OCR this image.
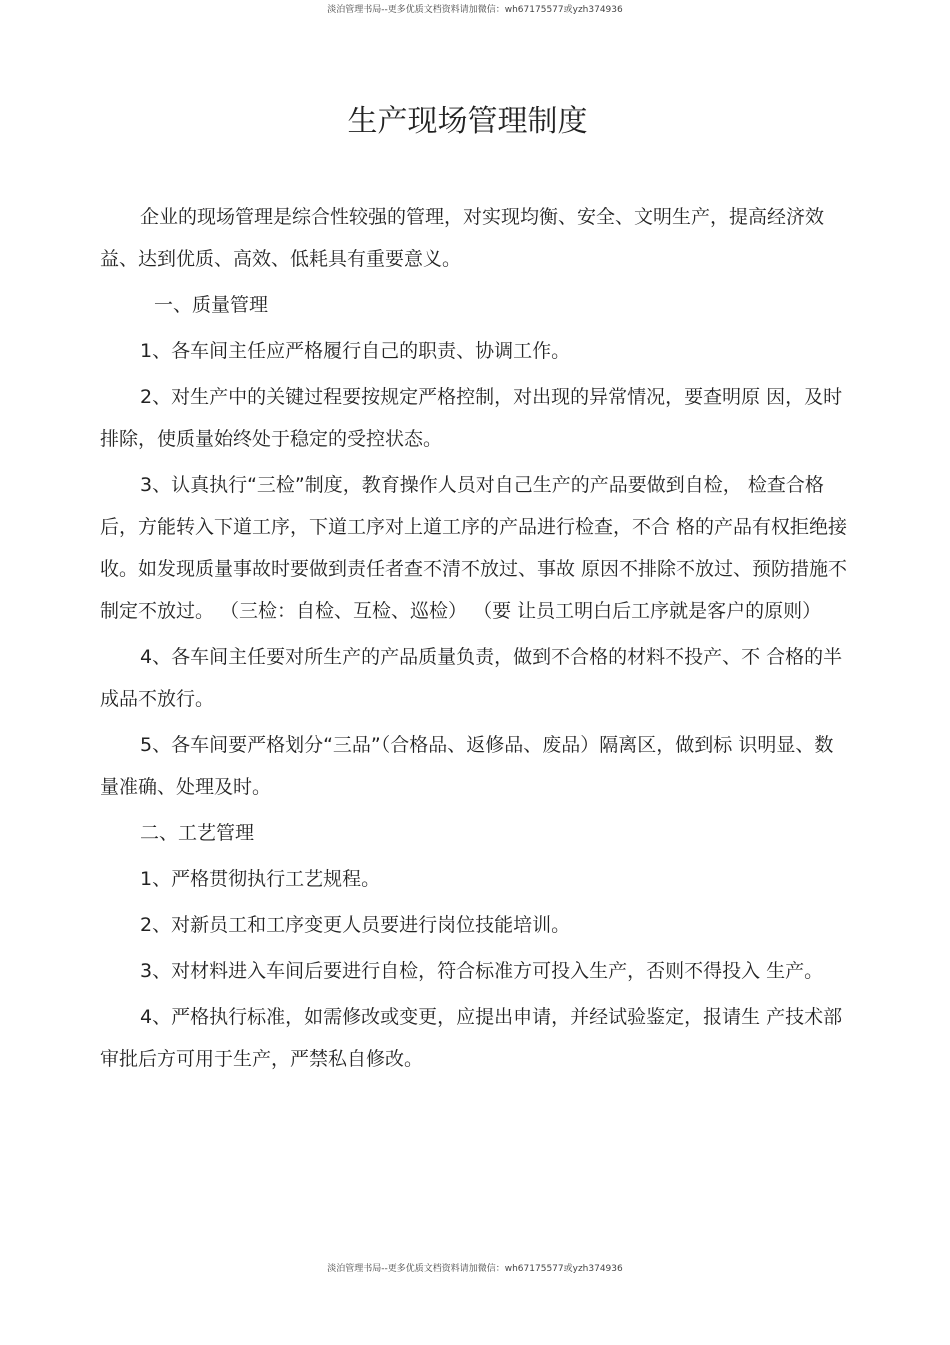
淡泊管理书局--更多优质文档资料请加微信：wh67175577或yzh374936
生产现场管理制度

企业的现场管理是综合性较强的管理，对实现均衡、安全、文明生产，提高经济效益、达到优质、高效、低耗具有重要意义。

一、质量管理

1、各车间主任应严格履行自己的职责、协调工作。

2、对生产中的关键过程要按规定严格控制，对出现的异常情况，要查明原 因，及时排除，使质量始终处于稳定的受控状态。

3、认真执行“三检”制度，教育操作人员对自己生产的产品要做到自检， 检查合格后，方能转入下道工序，下道工序对上道工序的产品进行检查，不合 格的产品有权拒绝接收。如发现质量事故时要做到责任者查不清不放过、事故 原因不排除不放过、预防措施不制定不放过。 （三检：自检、互检、巡检） （要 让员工明白后工序就是客户的原则）

4、各车间主任要对所生产的产品质量负责，做到不合格的材料不投产、不 合格的半成品不放行。

5、各车间要严格划分“三品”（合格品、返修品、废品）隔离区，做到标 识明显、数量准确、处理及时。

二、工艺管理

1、严格贯彻执行工艺规程。

2、对新员工和工序变更人员要进行岗位技能培训。

3、对材料进入车间后要进行自检，符合标准方可投入生产，否则不得投入 生产。

4、严格执行标准，如需修改或变更，应提出申请，并经试验鉴定，报请生 产技术部审批后方可用于生产，严禁私自修改。

淡泊管理书局--更多优质文档资料请加微信：wh67175577或yzh374936
